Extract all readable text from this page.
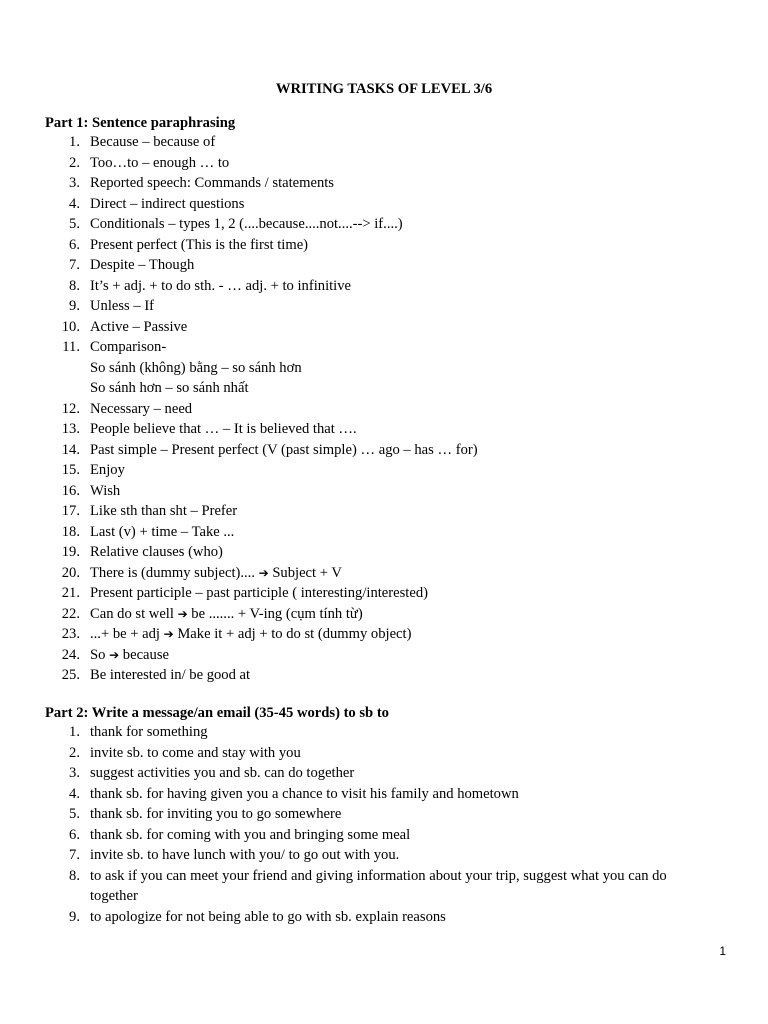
WRITING TASKS OF LEVEL 3/6
Part 1: Sentence paraphrasing
1. Because – because of
2. Too…to – enough … to
3. Reported speech: Commands / statements
4. Direct – indirect questions
5. Conditionals – types 1, 2 (....because....not....--> if....)
6. Present perfect (This is the first time)
7. Despite – Though
8. It’s + adj. + to do sth. - … adj. + to infinitive
9. Unless – If
10. Active – Passive
11. Comparison-
So sánh (không) bằng – so sánh hơn
So sánh hơn – so sánh nhất
12. Necessary – need
13. People believe that … – It is believed that ….
14. Past simple – Present perfect (V (past simple) … ago – has … for)
15. Enjoy
16. Wish
17. Like sth than sht – Prefer
18. Last (v) + time – Take ...
19. Relative clauses (who)
20. There is (dummy subject).... ➔ Subject + V
21. Present participle – past participle ( interesting/interested)
22. Can do st well ➔ be ....... + V-ing (cụm tính từ)
23. ...+ be + adj ➔ Make it + adj + to do st (dummy object)
24. So ➔ because
25. Be interested in/ be good at
Part 2: Write a message/an email (35-45 words) to sb to
1. thank for something
2. invite sb. to come and stay with you
3. suggest activities you and sb. can do together
4. thank sb. for having given you a chance to visit his family and hometown
5. thank sb. for inviting you to go somewhere
6. thank sb. for coming with you and bringing some meal
7. invite sb. to have lunch with you/ to go out with you.
8. to ask if you can meet your friend and giving information about your trip, suggest what you can do
together
9. to apologize for not being able to go with sb. explain reasons
1
